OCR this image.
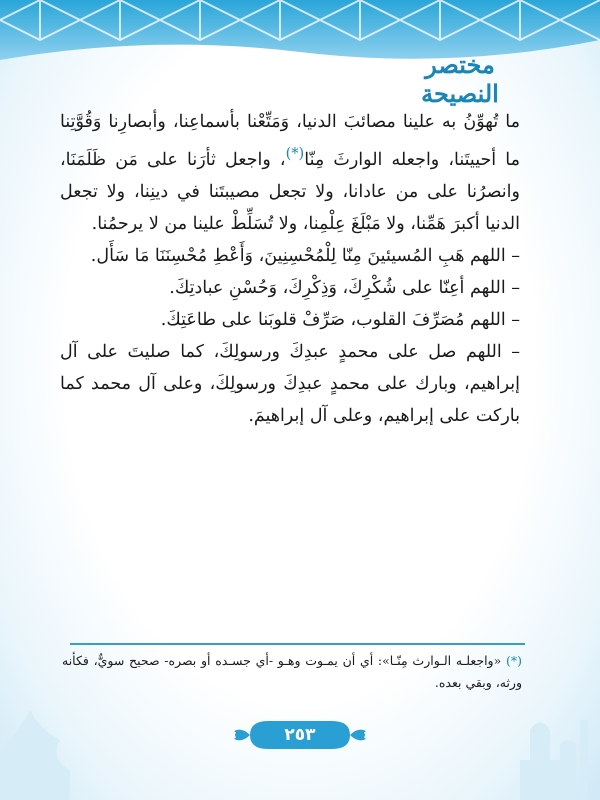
مختصر النصيحة

ما تُهوِّنُ به علينا مصائبَ الدنيا، وَمَتِّعْنا بأسماعِنا، وأبصارِنا وَقُوَّتِنا ما أحييتَنا، واجعله الوارثَ مِنّا(*)، واجعل ثأرَنا على مَن ظَلَمَنَا، وانصرُنا على من عادانا، ولا تجعل مصيبتَنا في دينِنا، ولا تجعل الدنيا أكبرَ هَمِّنا، ولا مَبْلَغَ عِلْمِنا، ولا تُسَلِّطْ علينا من لا يرحمُنا.

– اللهم هَبِ المُسيئينَ مِنّا لِلْمُحْسِنِينَ، وَأَعْطِ مُحْسِنَنَا مَا سَأَل.

– اللهم أعِنّا على شُكْرِكَ، وَذِكْرِكَ، وَحُسْنِ عبادتِكَ.

– اللهم مُصَرِّفَ القلوب، صَرِّفْ قلوبَنا على طاعَتِكَ.

– اللهم صل على محمدٍ عبدِكَ ورسولِكَ، كما صليتَ على آل إبراهيم، وبارك على محمدٍ عبدِكَ ورسولِكَ، وعلى آل محمد كما باركت على إبراهيم، وعلى آل إبراهيمَ.

(*) «واجعلـه الـوارث مِنّـا»: أي أن يمـوت وهـو -أي جسـده أو بصره- صحيح سويٌّ، فكأنه ورثه، وبقي بعده.
٢٥٣
